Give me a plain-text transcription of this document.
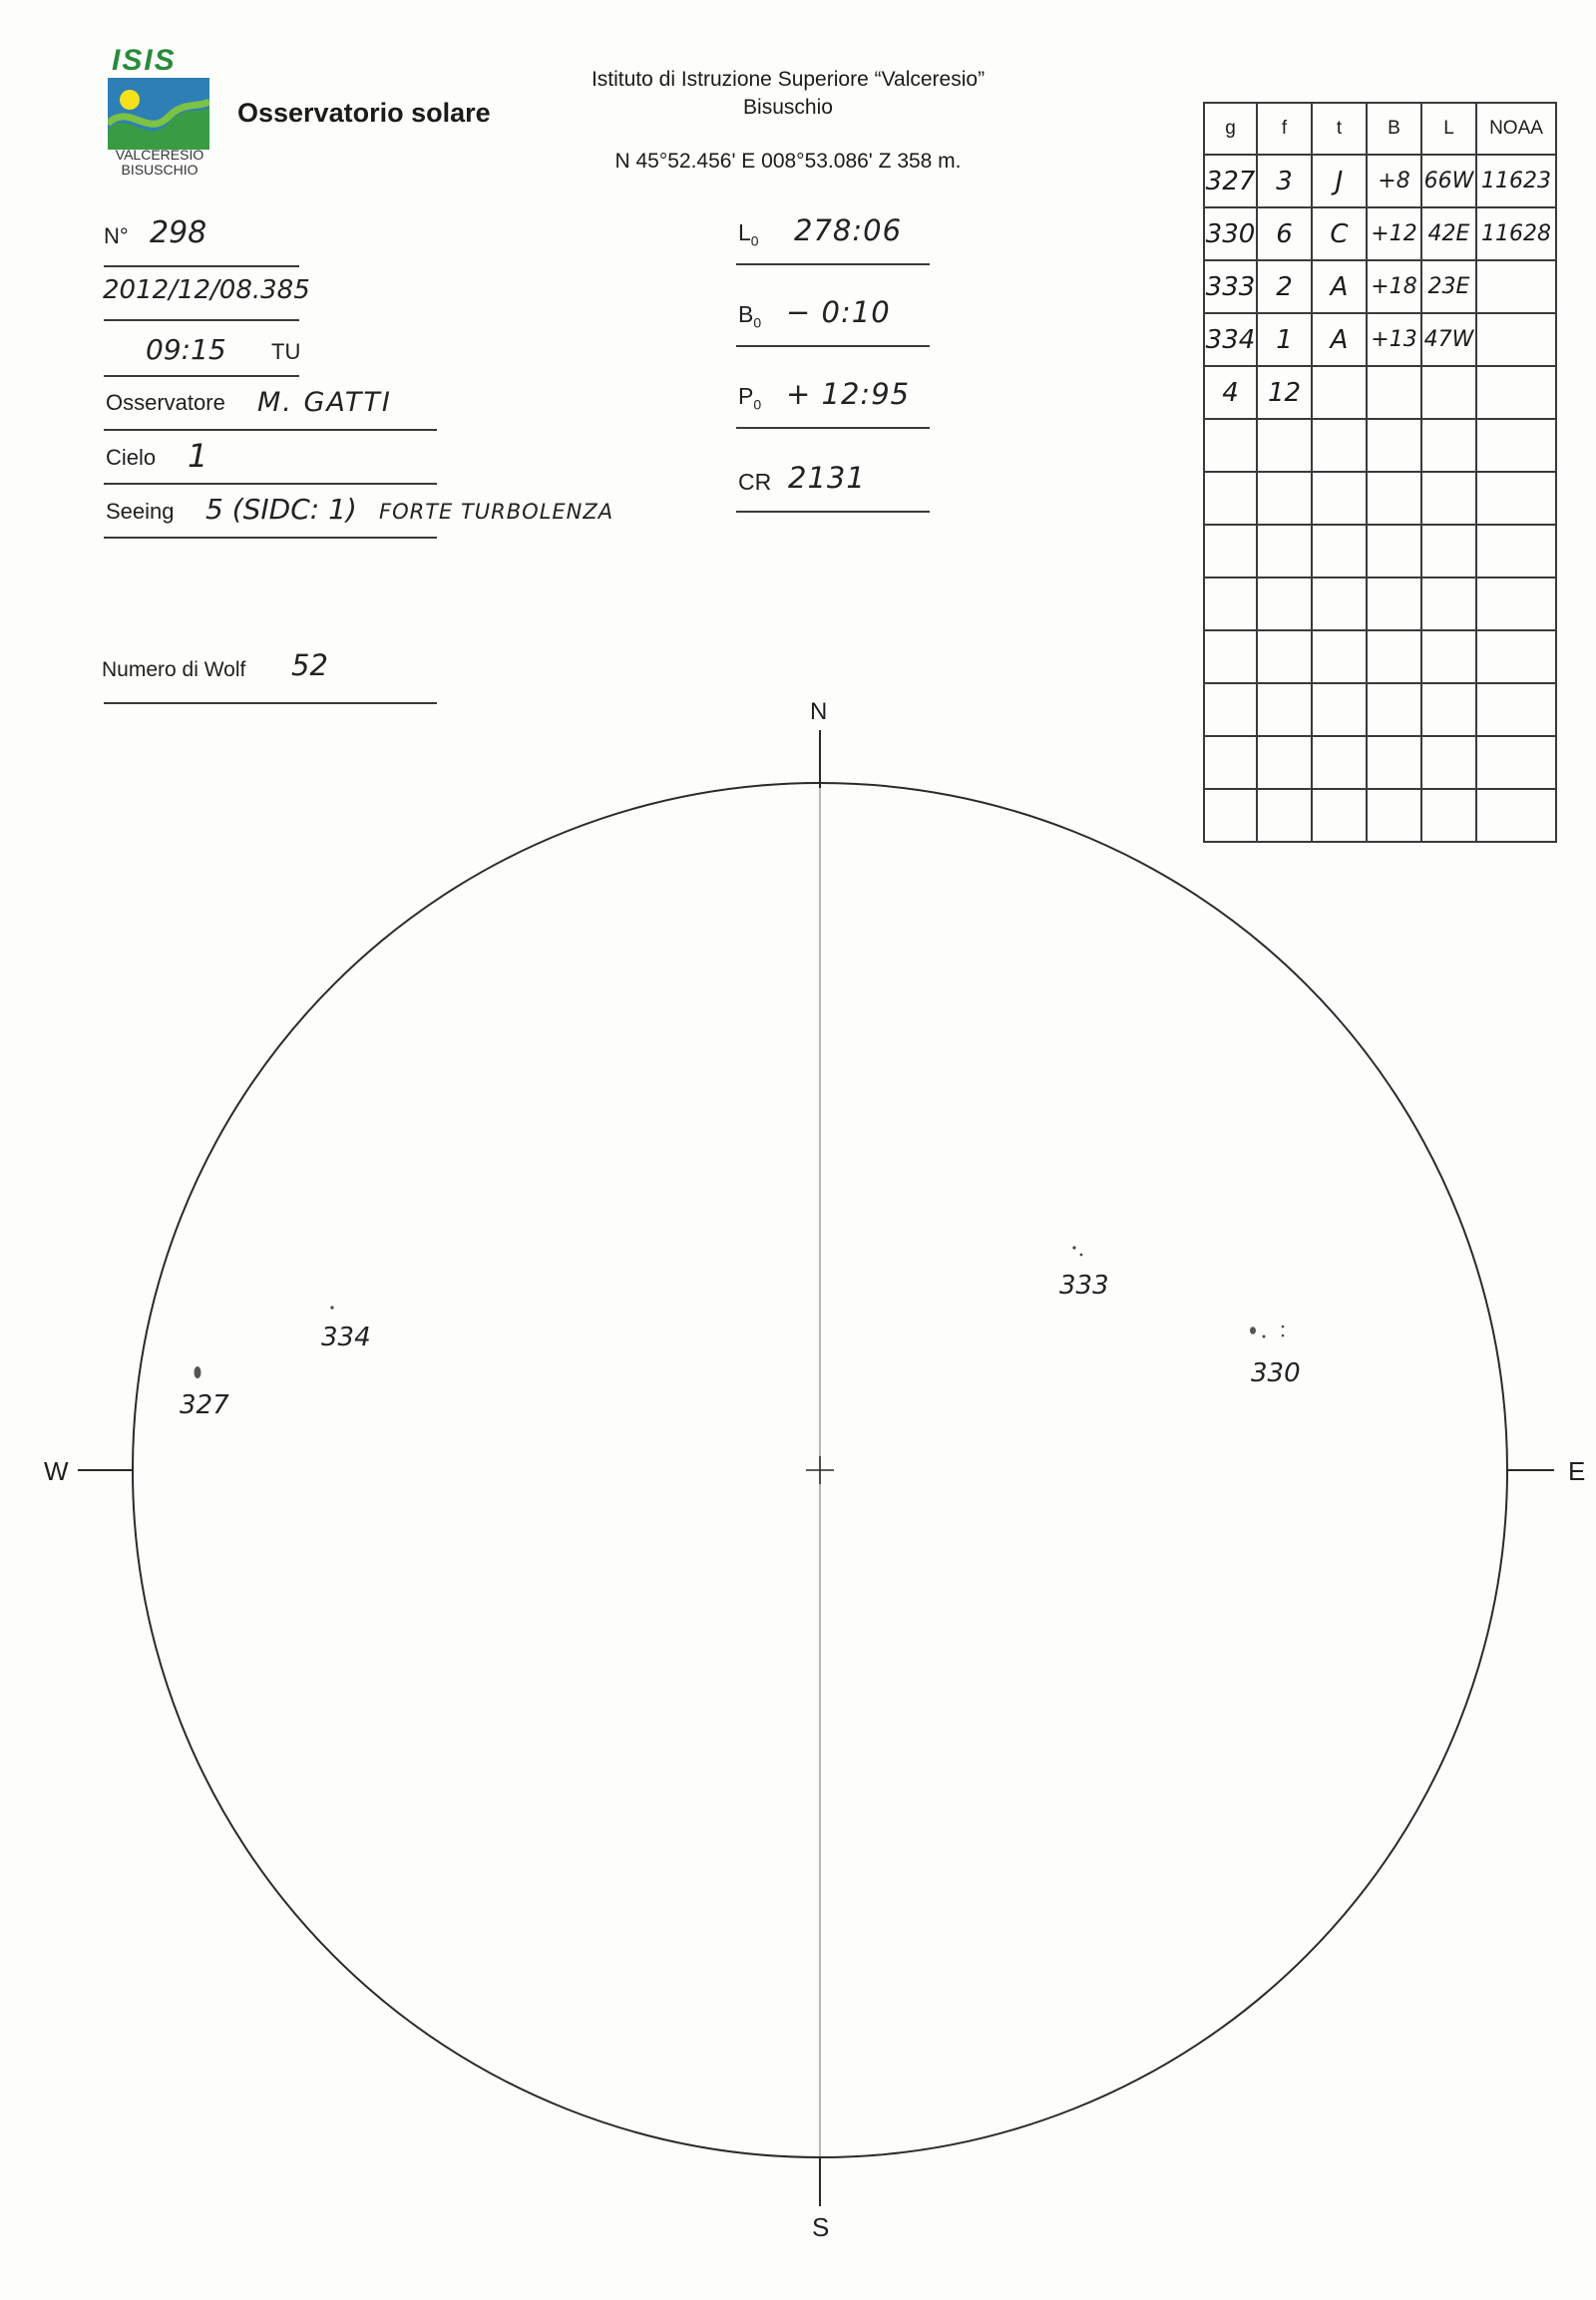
ISIS
VALCERESIO
BISUSCHIO
Osservatorio solare
Istituto di Istruzione Superiore “Valceresio”
Bisuschio
N 45°52.456' E 008°53.086' Z 358 m.
N° 298
2012/12/08.385
09:15 TU
Osservatore M. GATTI
Cielo 1
Seeing 5 (SIDC: 1) FORTE TURBOLENZA
Numero di Wolf 52
$L_0$ 278:06
$B_0$ − 0:10
$P_0$ + 12:95
CR 2131
g	f	t	B	L	NOAA
327	3	J	+8	66W	11623
330	6	C	+12	42E	11628
333	2	A	+18	23E	
334	1	A	+13	47W	
4	12				

N
S
W	E
327
334
333
330
